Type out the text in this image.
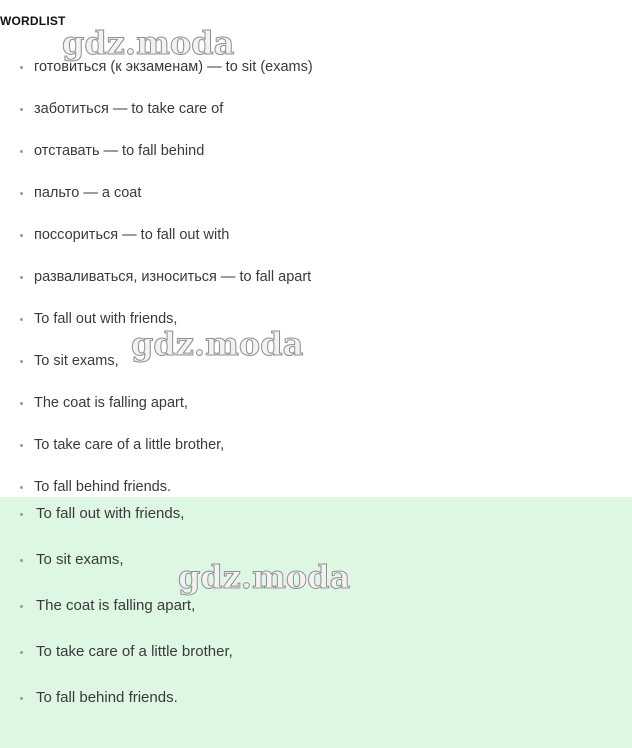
WORDLIST
готовиться (к экзаменам) — to sit (exams)
заботиться — to take care of
отставать — to fall behind
пальто — a coat
поссориться — to fall out with
разваливаться, износиться — to fall apart
To fall out with friends,
To sit exams,
The coat is falling apart,
To take care of a little brother,
To fall behind friends.
To fall out with friends,
To sit exams,
The coat is falling apart,
To take care of a little brother,
To fall behind friends.
gdz.moda
gdz.moda
gdz.moda
